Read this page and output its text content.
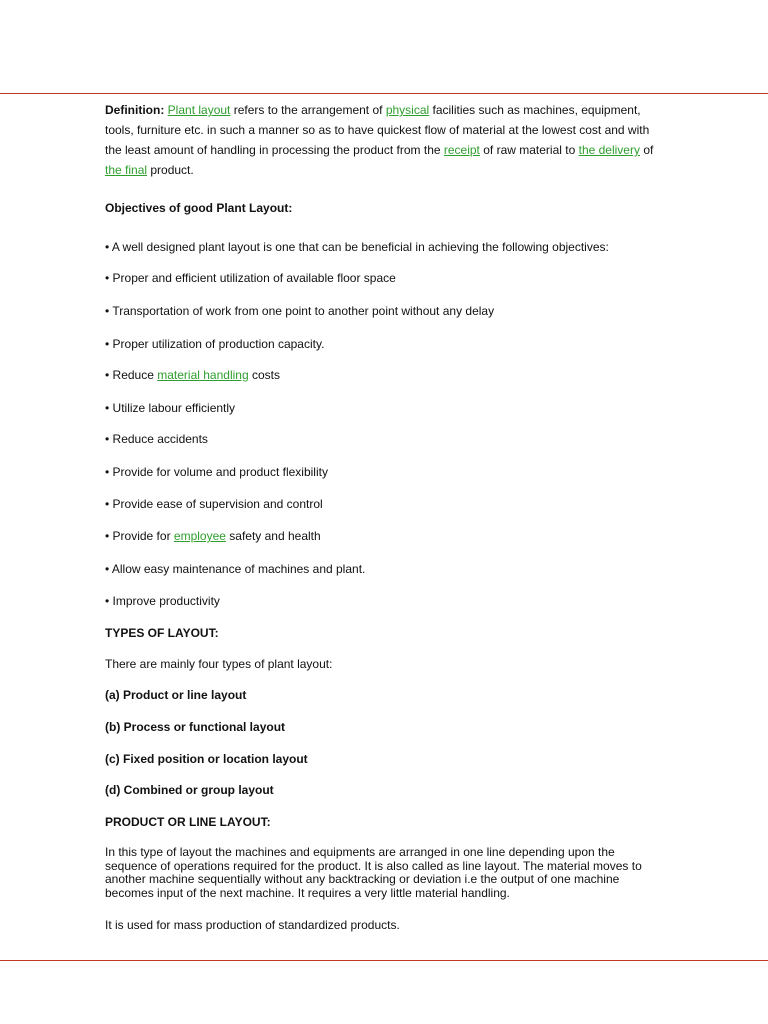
Definition: Plant layout refers to the arrangement of physical facilities such as machines, equipment, tools, furniture etc. in such a manner so as to have quickest flow of material at the lowest cost and with the least amount of handling in processing the product from the receipt of raw material to the delivery of the final product.
Objectives of good Plant Layout:
• A well designed plant layout is one that can be beneficial in achieving the following objectives:
• Proper and efficient utilization of available floor space
• Transportation of work from one point to another point without any delay
• Proper utilization of production capacity.
• Reduce material handling costs
• Utilize labour efficiently
• Reduce accidents
• Provide for volume and product flexibility
• Provide ease of supervision and control
• Provide for employee safety and health
• Allow easy maintenance of machines and plant.
• Improve productivity
TYPES OF LAYOUT:
There are mainly four types of plant layout:
(a) Product or line layout
(b) Process or functional layout
(c) Fixed position or location layout
(d) Combined or group layout
PRODUCT OR LINE LAYOUT:
In this type of layout the machines and equipments are arranged in one line depending upon the sequence of operations required for the product. It is also called as line layout. The material moves to another machine sequentially without any backtracking or deviation i.e the output of one machine becomes input of the next machine. It requires a very little material handling.
It is used for mass production of standardized products.
